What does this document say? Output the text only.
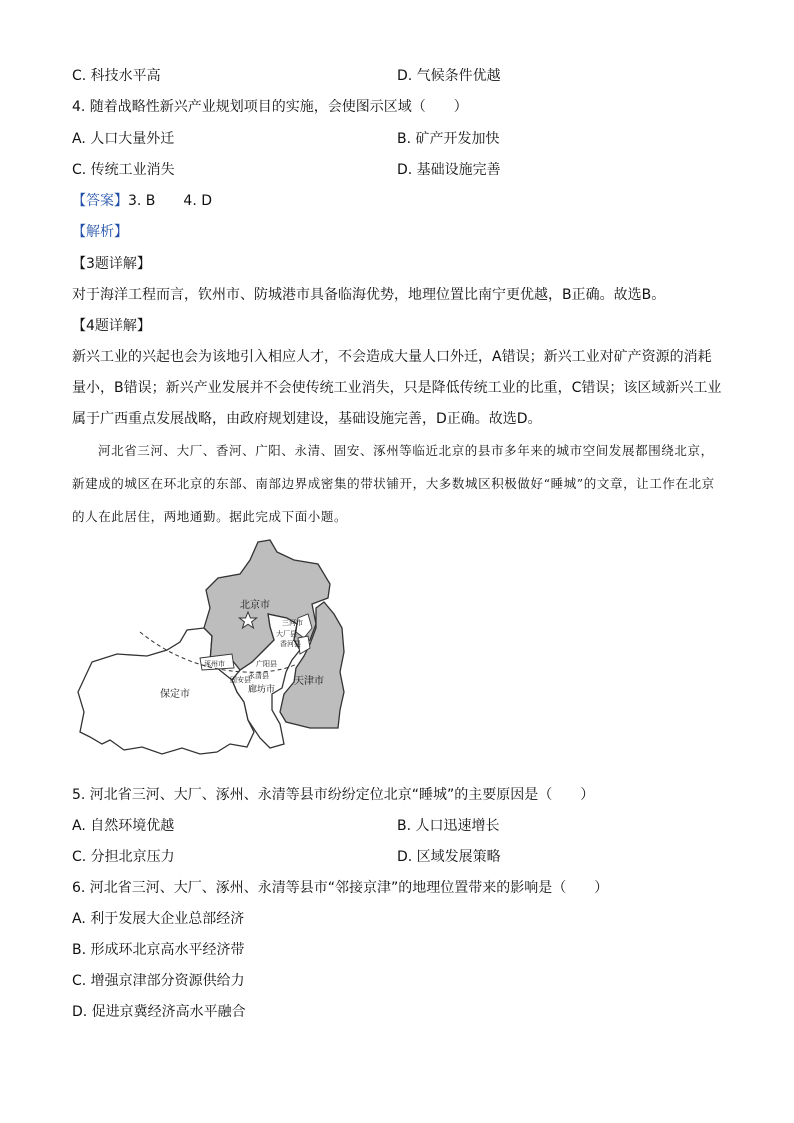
C. 科技水平高	D. 气候条件优越
4. 随着战略性新兴产业规划项目的实施，会使图示区域（　　）
A. 人口大量外迁	B. 矿产开发加快
C. 传统工业消失	D. 基础设施完善
【答案】3. B　　4. D
【解析】
【3题详解】
对于海洋工程而言，钦州市、防城港市具备临海优势，地理位置比南宁更优越，B正确。故选B。
【4题详解】
新兴工业的兴起也会为该地引入相应人才，不会造成大量人口外迁，A错误；新兴工业对矿产资源的消耗量小，B错误；新兴产业发展并不会使传统工业消失，只是降低传统工业的比重，C错误；该区域新兴工业属于广西重点发展战略，由政府规划建设，基础设施完善，D正确。故选D。
河北省三河、大厂、香河、广阳、永清、固安、涿州等临近北京的县市多年来的城市空间发展都围绕北京，新建成的城区在环北京的东部、南部边界成密集的带状铺开，大多数城区积极做好“睡城”的文章，让工作在北京的人在此居住，两地通勤。据此完成下面小题。
北京市
三河市
大厂县
香河县
涿州市	广阳县
永清县
固安县
廊坊市
天津市
保定市
5. 河北省三河、大厂、涿州、永清等县市纷纷定位北京“睡城”的主要原因是（　　）
A. 自然环境优越	B. 人口迅速增长
C. 分担北京压力	D. 区域发展策略
6. 河北省三河、大厂、涿州、永清等县市“邻接京津”的地理位置带来的影响是（　　）
A. 利于发展大企业总部经济
B. 形成环北京高水平经济带
C. 增强京津部分资源供给力
D. 促进京冀经济高水平融合
